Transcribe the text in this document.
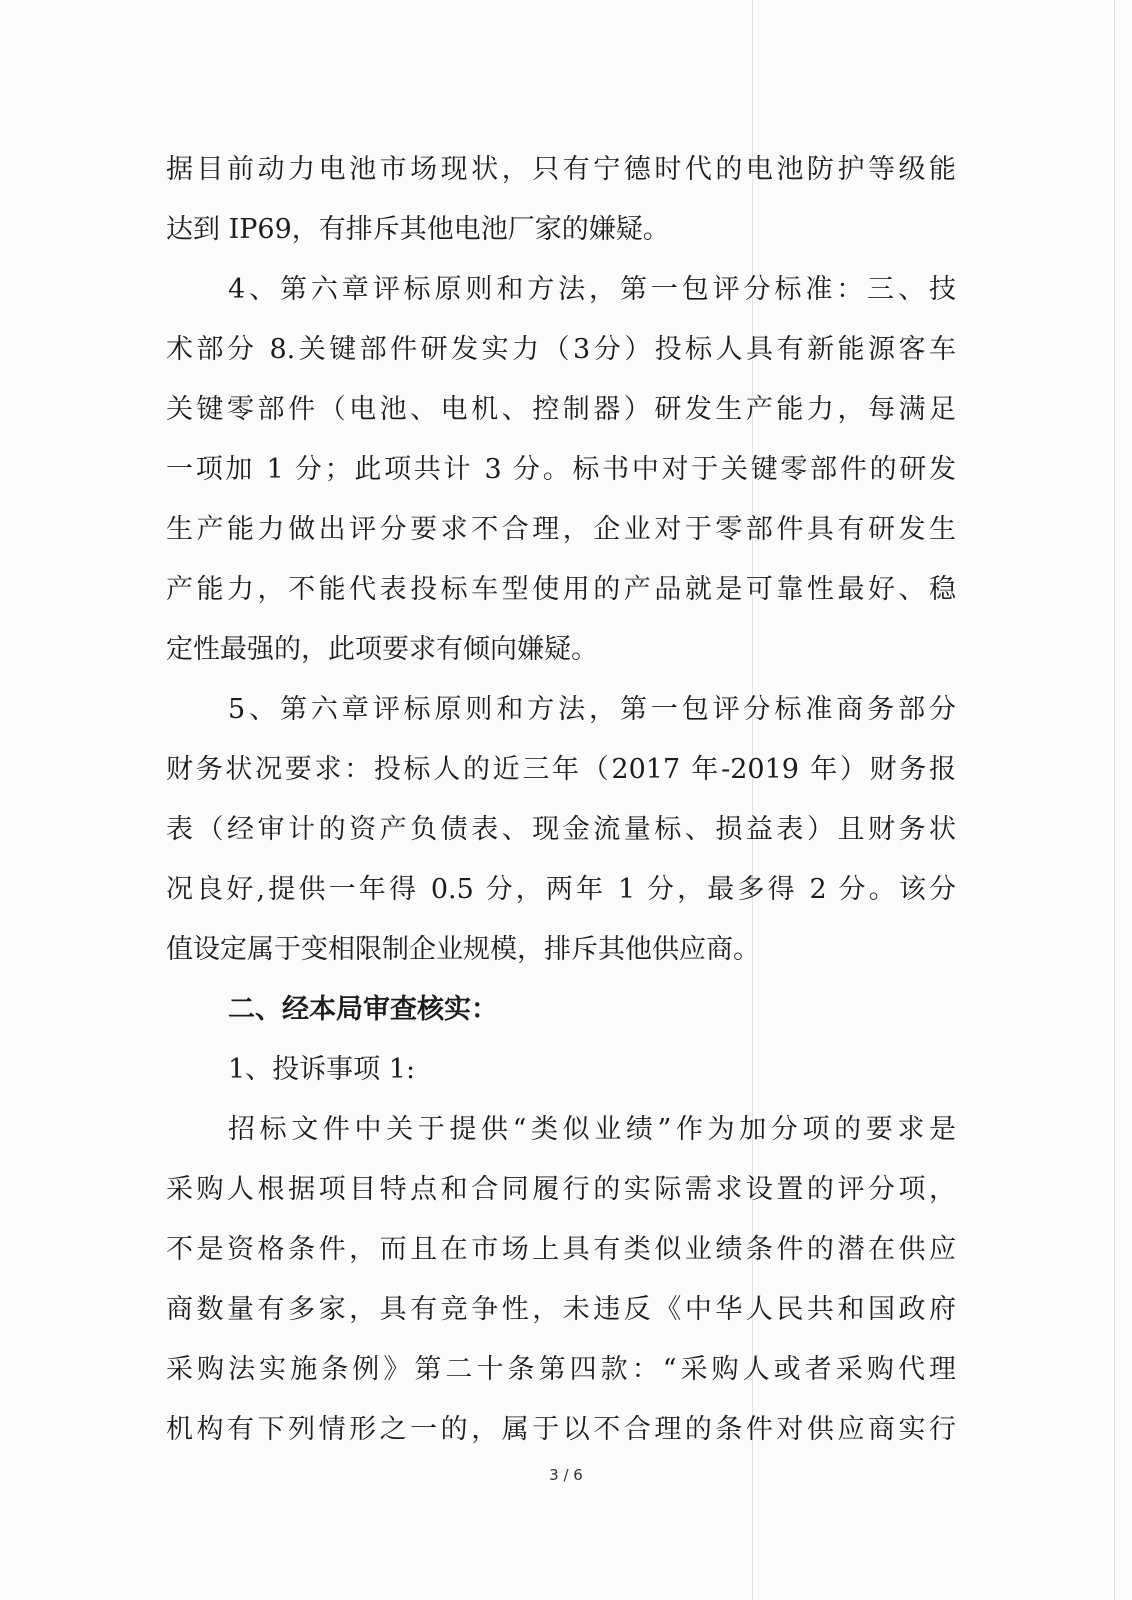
据目前动力电池市场现状，只有宁德时代的电池防护等级能
达到 IP69，有排斥其他电池厂家的嫌疑。
4、第六章评标原则和方法，第一包评分标准：三、技
术部分 8.关键部件研发实力（3分）投标人具有新能源客车
关键零部件（电池、电机、控制器）研发生产能力，每满足
一项加 1 分；此项共计 3 分。标书中对于关键零部件的研发
生产能力做出评分要求不合理，企业对于零部件具有研发生
产能力，不能代表投标车型使用的产品就是可靠性最好、稳
定性最强的，此项要求有倾向嫌疑。
5、第六章评标原则和方法，第一包评分标准商务部分
财务状况要求：投标人的近三年（2017 年-2019 年）财务报
表（经审计的资产负债表、现金流量标、损益表）且财务状
况良好,提供一年得 0.5 分，两年 1 分，最多得 2 分。该分
值设定属于变相限制企业规模，排斥其他供应商。
二、经本局审查核实：
1、投诉事项 1:
招标文件中关于提供“类似业绩”作为加分项的要求是
采购人根据项目特点和合同履行的实际需求设置的评分项，
不是资格条件，而且在市场上具有类似业绩条件的潜在供应
商数量有多家，具有竞争性，未违反《中华人民共和国政府
采购法实施条例》第二十条第四款：“采购人或者采购代理
机构有下列情形之一的，属于以不合理的条件对供应商实行
3 / 6
